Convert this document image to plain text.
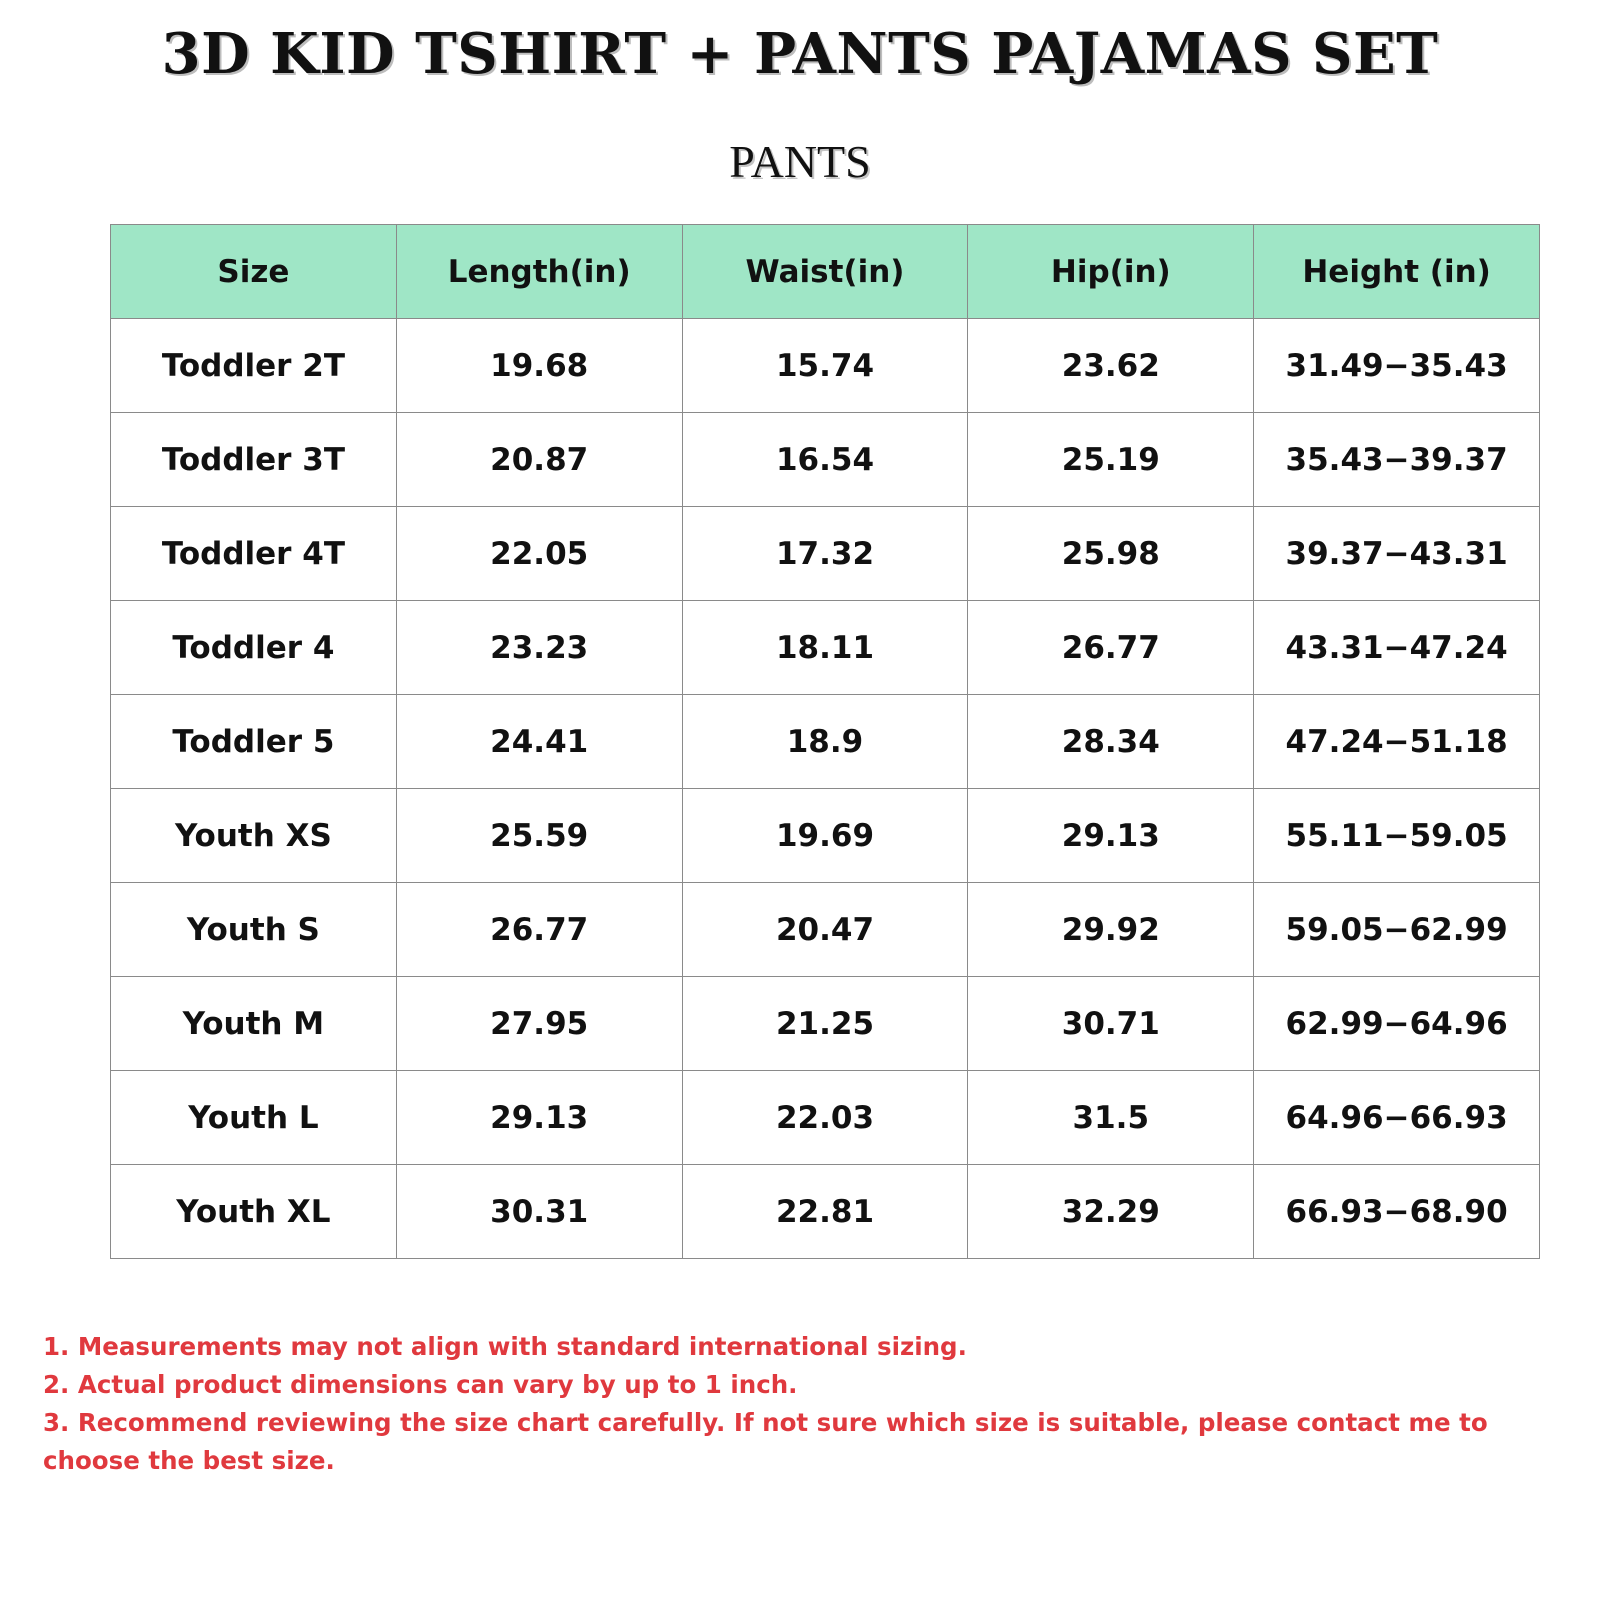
3D KID TSHIRT + PANTS PAJAMAS SET
PANTS
Size	Length(in)	Waist(in)	Hip(in)	Height (in)
Toddler 2T	19.68	15.74	23.62	31.49−35.43
Toddler 3T	20.87	16.54	25.19	35.43−39.37
Toddler 4T	22.05	17.32	25.98	39.37−43.31
Toddler 4	23.23	18.11	26.77	43.31−47.24
Toddler 5	24.41	18.9	28.34	47.24−51.18
Youth XS	25.59	19.69	29.13	55.11−59.05
Youth S	26.77	20.47	29.92	59.05−62.99
Youth M	27.95	21.25	30.71	62.99−64.96
Youth L	29.13	22.03	31.5	64.96−66.93
Youth XL	30.31	22.81	32.29	66.93−68.90

1. Measurements may not align with standard international sizing.

2. Actual product dimensions can vary by up to 1 inch.

3. Recommend reviewing the size chart carefully. If not sure which size is suitable, please contact me to choose the best size.
